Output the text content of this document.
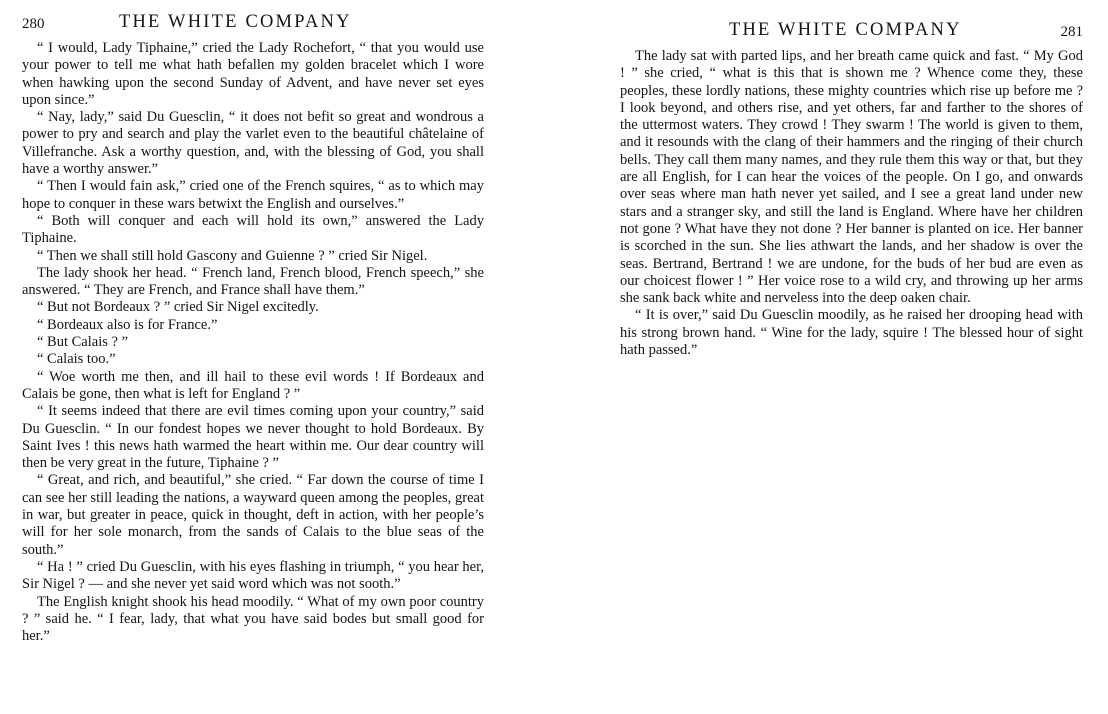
280	THE WHITE COMPANY

“ I would, Lady Tiphaine,” cried the Lady Rochefort, “ that you would use your power to tell me what hath befallen my golden bracelet which I wore when hawking upon the second Sunday of Advent, and have never set eyes upon since.”

“ Nay, lady,” said Du Guesclin, “ it does not befit so great and wondrous a power to pry and search and play the varlet even to the beautiful châtelaine of Villefranche. Ask a worthy question, and, with the blessing of God, you shall have a worthy answer.”

“ Then I would fain ask,” cried one of the French squires, “ as to which may hope to conquer in these wars betwixt the English and ourselves.”

“ Both will conquer and each will hold its own,” answered the Lady Tiphaine.

“ Then we shall still hold Gascony and Guienne ? ” cried Sir Nigel.

The lady shook her head. “ French land, French blood, French speech,” she answered. “ They are French, and France shall have them.”

“ But not Bordeaux ? ” cried Sir Nigel excitedly.

“ Bordeaux also is for France.”

“ But Calais ? ”

“ Calais too.”

“ Woe worth me then, and ill hail to these evil words ! If Bordeaux and Calais be gone, then what is left for England ? ”

“ It seems indeed that there are evil times coming upon your country,” said Du Guesclin. “ In our fondest hopes we never thought to hold Bordeaux. By Saint Ives ! this news hath warmed the heart within me. Our dear country will then be very great in the future, Tiphaine ? ”

“ Great, and rich, and beautiful,” she cried. “ Far down the course of time I can see her still leading the nations, a wayward queen among the peoples, great in war, but greater in peace, quick in thought, deft in action, with her people’s will for her sole monarch, from the sands of Calais to the blue seas of the south.”

“ Ha ! ” cried Du Guesclin, with his eyes flashing in triumph, “ you hear her, Sir Nigel ? — and she never yet said word which was not sooth.”

The English knight shook his head moodily. “ What of my own poor country ? ” said he. “ I fear, lady, that what you have said bodes but small good for her.”

THE WHITE COMPANY	281

The lady sat with parted lips, and her breath came quick and fast. “ My God ! ” she cried, “ what is this that is shown me ? Whence come they, these peoples, these lordly nations, these mighty countries which rise up before me ? I look beyond, and others rise, and yet others, far and farther to the shores of the uttermost waters. They crowd ! They swarm ! The world is given to them, and it resounds with the clang of their hammers and the ringing of their church bells. They call them many names, and they rule them this way or that, but they are all English, for I can hear the voices of the people. On I go, and onwards over seas where man hath never yet sailed, and I see a great land under new stars and a stranger sky, and still the land is England. Where have her children not gone ? What have they not done ? Her banner is planted on ice. Her banner is scorched in the sun. She lies athwart the lands, and her shadow is over the seas. Bertrand, Bertrand ! we are undone, for the buds of her bud are even as our choicest flower ! ” Her voice rose to a wild cry, and throwing up her arms she sank back white and nerveless into the deep oaken chair.

“ It is over,” said Du Guesclin moodily, as he raised her drooping head with his strong brown hand. “ Wine for the lady, squire ! The blessed hour of sight hath passed.”
